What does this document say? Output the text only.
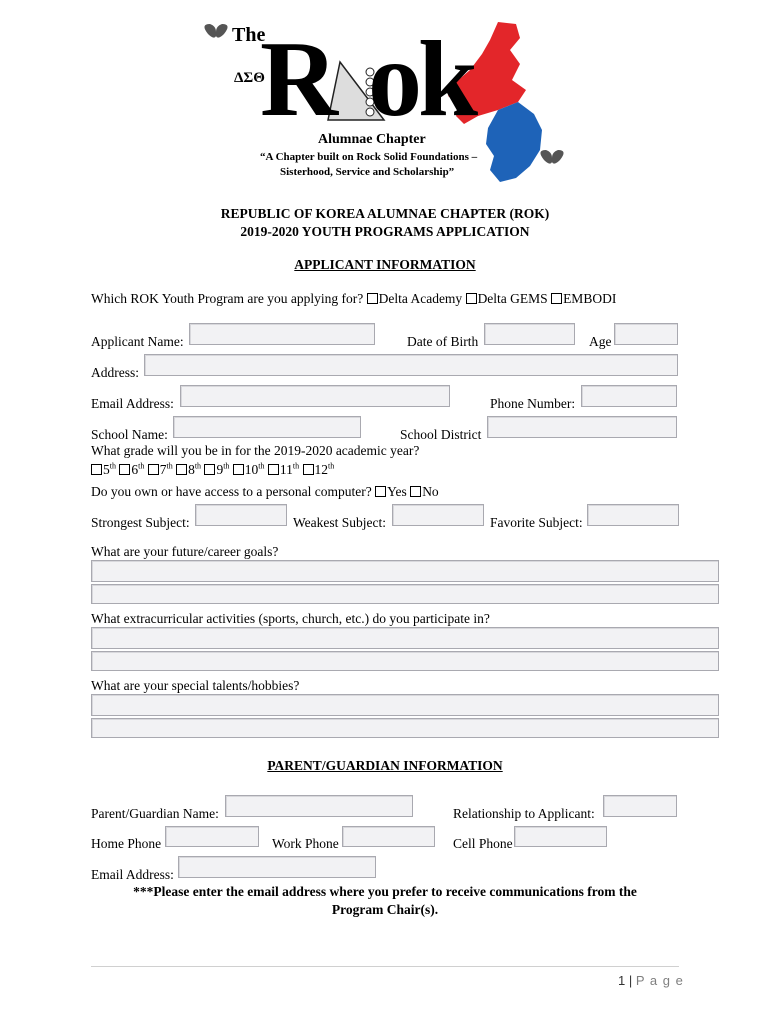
The
ΔΣΘ
R ok
Alumnae Chapter
“A Chapter built on Rock Solid Foundations –
Sisterhood, Service and Scholarship”
REPUBLIC OF KOREA ALUMNAE CHAPTER (ROK)
2019-2020 YOUTH PROGRAMS APPLICATION
APPLICANT INFORMATION
Which ROK Youth Program are you applying for? Delta Academy Delta GEMS EMBODI
Applicant Name:	Date of Birth	Age
Address:
Email Address:	Phone Number:
School Name:	School District
What grade will you be in for the 2019-2020 academic year?
5th 6th 7th 8th 9th 10th 11th 12th
Do you own or have access to a personal computer? Yes No
Strongest Subject:	Weakest Subject:	Favorite Subject:
What are your future/career goals?
What extracurricular activities (sports, church, etc.) do you participate in?
What are your special talents/hobbies?
PARENT/GUARDIAN INFORMATION
Parent/Guardian Name:	Relationship to Applicant:
Home Phone	Work Phone	Cell Phone
Email Address:
***Please enter the email address where you prefer to receive communications from the
Program Chair(s).
1 | P a g e
